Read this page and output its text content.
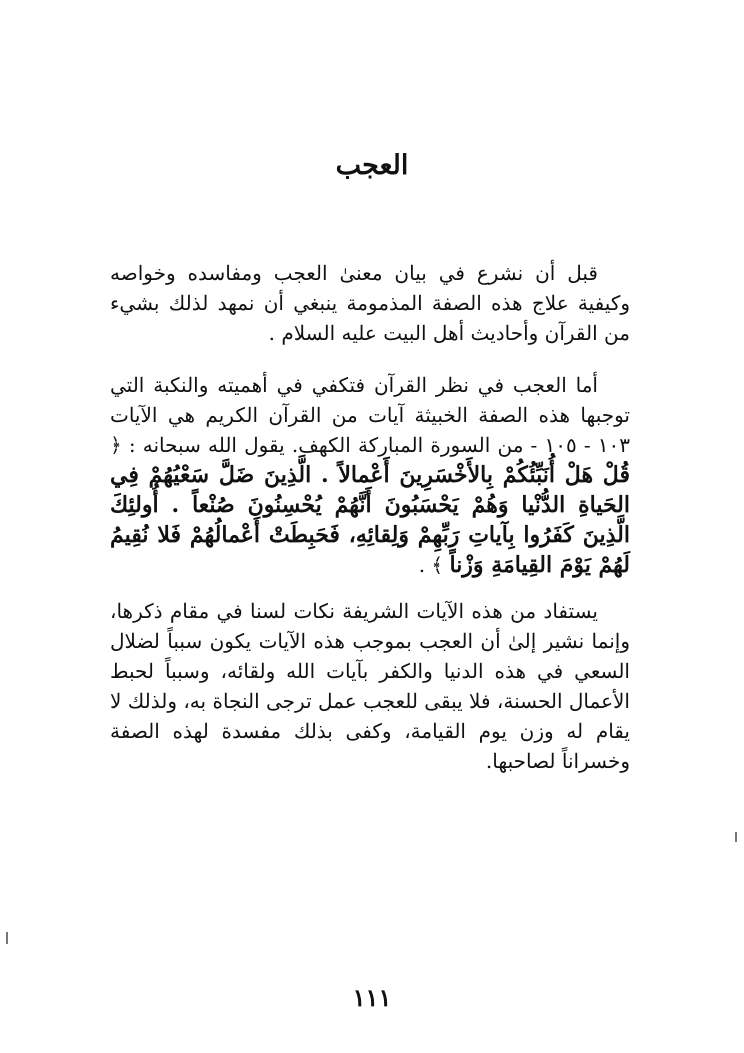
العجب

قبل أن نشرع في بيان معنىٰ العجب ومفاسده وخواصه وكيفية علاج هذه الصفة المذمومة ينبغي أن نمهد لذلك بشيء من القرآن وأحاديث أهل البيت عليه السلام .

أما العجب في نظر القرآن فتكفي في أهميته والنكبة التي توجبها هذه الصفة الخبيثة آيات من القرآن الكريم هي الآيات ١٠٣ - ١٠٥ - من السورة المباركة الكهف. يقول الله سبحانه : ﴿ قُلْ هَلْ أُنَبِّئُكُمْ بِالأَخْسَرِينَ أَعْمالاً . الَّذِينَ ضَلَّ سَعْيُهُمْ فِي الحَياةِ الدُّنْيا وَهُمْ يَحْسَبُونَ أَنَّهُمْ يُحْسِنُونَ صُنْعاً . أُولئِكَ الَّذِينَ كَفَرُوا بِآياتِ رَبِّهِمْ وَلِقائِهِ، فَحَبِطَتْ أَعْمالُهُمْ فَلا نُقِيمُ لَهُمْ يَوْمَ القِيامَةِ وَزْناً ﴾ .

يستفاد من هذه الآيات الشريفة نكات لسنا في مقام ذكرها، وإنما نشير إلىٰ أن العجب بموجب هذه الآيات يكون سبباً لضلال السعي في هذه الدنيا والكفر بآيات الله ولقائه، وسبباً لحبط الأعمال الحسنة، فلا يبقى للعجب عمل ترجى النجاة به، ولذلك لا يقام له وزن يوم القيامة، وكفى بذلك مفسدة لهذه الصفة وخسراناً لصاحبها.

١١١
